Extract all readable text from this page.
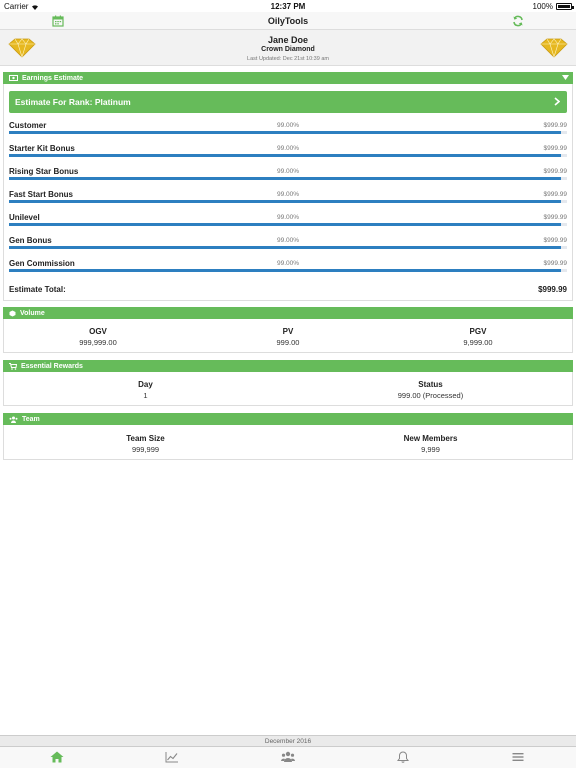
Carrier	12:37 PM	100%
OilyTools
Jane Doe
Crown Diamond
Last Updated: Dec 21st 10:39 am
Earnings Estimate
Estimate For Rank: Platinum
Customer	99.00%	$999.99
Starter Kit Bonus	99.00%	$999.99
Rising Star Bonus	99.00%	$999.99
Fast Start Bonus	99.00%	$999.99
Unilevel	99.00%	$999.99
Gen Bonus	99.00%	$999.99
Gen Commission	99.00%	$999.99
Estimate Total:	$999.99
Volume
OGV
999,999.00
PV
999.00
PGV
9,999.00
Essential Rewards
Day
1
Status
999.00 (Processed)
Team
Team Size
999,999
New Members
9,999
December 2016
